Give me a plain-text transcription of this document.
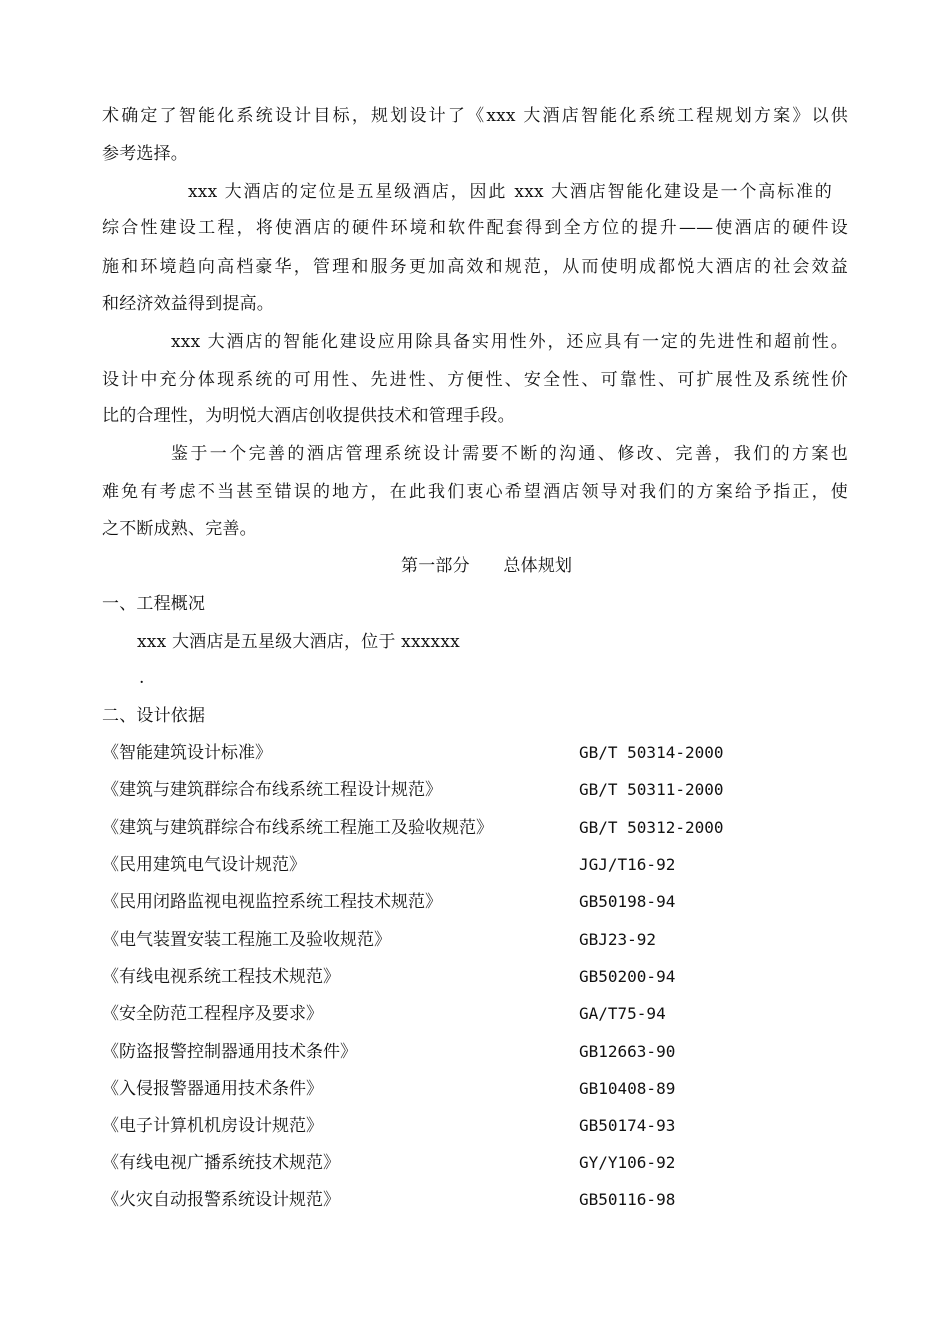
术确定了智能化系统设计目标，规划设计了《xxx 大酒店智能化系统工程规划方案》以供
参考选择。
xxx 大酒店的定位是五星级酒店，因此 xxx 大酒店智能化建设是一个高标准的
综合性建设工程，将使酒店的硬件环境和软件配套得到全方位的提升——使酒店的硬件设
施和环境趋向高档豪华，管理和服务更加高效和规范，从而使明成都悦大酒店的社会效益
和经济效益得到提高。
xxx 大酒店的智能化建设应用除具备实用性外，还应具有一定的先进性和超前性。
设计中充分体现系统的可用性、先进性、方便性、安全性、可靠性、可扩展性及系统性价
比的合理性，为明悦大酒店创收提供技术和管理手段。
鉴于一个完善的酒店管理系统设计需要不断的沟通、修改、完善，我们的方案也
难免有考虑不当甚至错误的地方，在此我们衷心希望酒店领导对我们的方案给予指正，使
之不断成熟、完善。
第一部分      总体规划
一、工程概况
xxx 大酒店是五星级大酒店，位于 xxxxxx
.
二、设计依据
《智能建筑设计标准》	GB/T 50314-2000
《建筑与建筑群综合布线系统工程设计规范》	GB/T 50311-2000
《建筑与建筑群综合布线系统工程施工及验收规范》	GB/T 50312-2000
《民用建筑电气设计规范》	JGJ/T16-92
《民用闭路监视电视监控系统工程技术规范》	GB50198-94
《电气装置安装工程施工及验收规范》	GBJ23-92
《有线电视系统工程技术规范》	GB50200-94
《安全防范工程程序及要求》	GA/T75-94
《防盗报警控制器通用技术条件》	GB12663-90
《入侵报警器通用技术条件》	GB10408-89
《电子计算机机房设计规范》	GB50174-93
《有线电视广播系统技术规范》	GY/Y106-92
《火灾自动报警系统设计规范》	GB50116-98
